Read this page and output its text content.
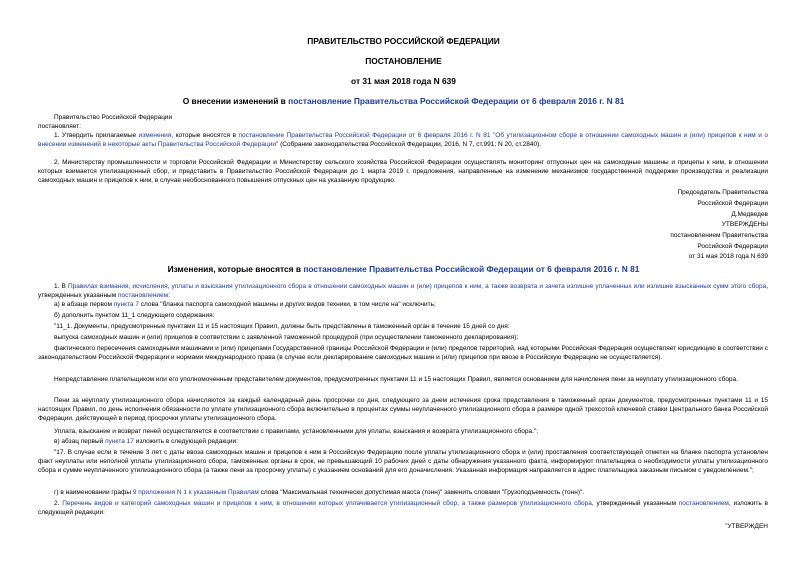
ПРАВИТЕЛЬСТВО РОССИЙСКОЙ ФЕДЕРАЦИИ
ПОСТАНОВЛЕНИЕ
от 31 мая 2018 года N 639
О внесении изменений в постановление Правительства Российской Федерации от 6 февраля 2016 г. N 81
Правительство Российской Федерации
постановляет:
1. Утвердить прилагаемые изменения, которые вносятся в постановление Правительства Российской Федерации от 6 февраля 2016 г. N 81 "Об утилизационном сборе в отношении самоходных машин и (или) прицепов к ним и о внесении изменений в некоторые акты Правительства Российской Федерации" (Собрание законодательства Российской Федерации, 2016, N 7, ст.991; N 20, ст.2840).
2. Министерству промышленности и торговли Российской Федерации и Министерству сельского хозяйства Российской Федерации осуществлять мониторинг отпускных цен на самоходные машины и прицепы к ним, в отношении которых взимается утилизационный сбор, и представить в Правительство Российской Федерации до 1 марта 2019 г. предложения, направленные на изменение механизмов государственной поддержки производства и реализации самоходных машин и прицепов к ним, в случае необоснованного повышения отпускных цен на указанную продукцию.
Председатель Правительства
Российской Федерации
Д.Медведев
УТВЕРЖДЕНЫ
постановлением Правительства
Российской Федерации
от 31 мая 2018 года N 639
Изменения, которые вносятся в постановление Правительства Российской Федерации от 6 февраля 2016 г. N 81
1. В Правилах взимания, исчисления, уплаты и взыскания утилизационного сбора в отношении самоходных машин и (или) прицепов к ним, а также возврата и зачета излишне уплаченных или излишне взысканных сумм этого сбора, утвержденных указанным постановлением:
а) в абзаце первом пункта 7 слова "бланка паспорта самоходной машины и других видов техники, в том числе на" исключить;
б) дополнить пунктом 11_1 следующего содержания:
"11_1. Документы, предусмотренные пунктами 11 и 15 настоящих Правил, должны быть представлены в таможенный орган в течение 15 дней со дня:
выпуска самоходных машин и (или) прицепов в соответствии с заявленной таможенной процедурой (при осуществлении таможенного декларирования);
фактического пересечения самоходными машинами и (или) прицепами Государственной границы Российской Федерации и (или) пределов территорий, над которыми Российская Федерация осуществляет юрисдикцию в соответствии с законодательством Российской Федерации и нормами международного права (в случае если декларирование самоходных машин и (или) прицепов при ввозе в Российскую Федерацию не осуществляется).
Непредставление плательщиком или его уполномоченным представителем документов, предусмотренных пунктами 11 и 15 настоящих Правил, является основанием для начисления пени за неуплату утилизационного сбора.
Пени за неуплату утилизационного сбора начисляются за каждый календарный день просрочки со дня, следующего за днем истечения срока представления в таможенный орган документов, предусмотренных пунктами 11 и 15 настоящих Правил, по день исполнения обязанности по уплате утилизационного сбора включительно в процентах суммы неуплаченного утилизационного сбора в размере одной трехсотой ключевой ставки Центрального банка Российской Федерации, действующей в период просрочки уплаты утилизационного сбора.
Уплата, взыскание и возврат пеней осуществляется в соответствии с правилами, установленными для уплаты, взыскания и возврата утилизационного сбора.";
в) абзац первый пункта 17 изложить в следующей редакции:
"17. В случае если в течение 3 лет с даты ввоза самоходных машин и прицепов к ним в Российскую Федерацию после уплаты утилизационного сбора и (или) проставления соответствующей отметки на бланке паспорта установлен факт неуплаты или неполной уплаты утилизационного сбора, таможенные органы в срок, не превышающий 10 рабочих дней с даты обнаружения указанного факта, информируют плательщика о необходимости уплаты утилизационного сбора и сумме неуплаченного утилизационного сбора (а также пени за просрочку уплаты) с указанием оснований для его доначисления. Указанная информация направляется в адрес плательщика заказным письмом с уведомлением.";
г) в наименовании графы 9 приложения N 1 к указанным Правилам слова "Максимальная технически допустимая масса (тонн)" заменить словами "Грузоподъемность (тонн)".
2. Перечень видов и категорий самоходных машин и прицепов к ним, в отношении которых уплачивается утилизационный сбор, а также размеров утилизационного сбора, утвержденный указанным постановлением, изложить в следующей редакции:
"УТВЕРЖДЕН
